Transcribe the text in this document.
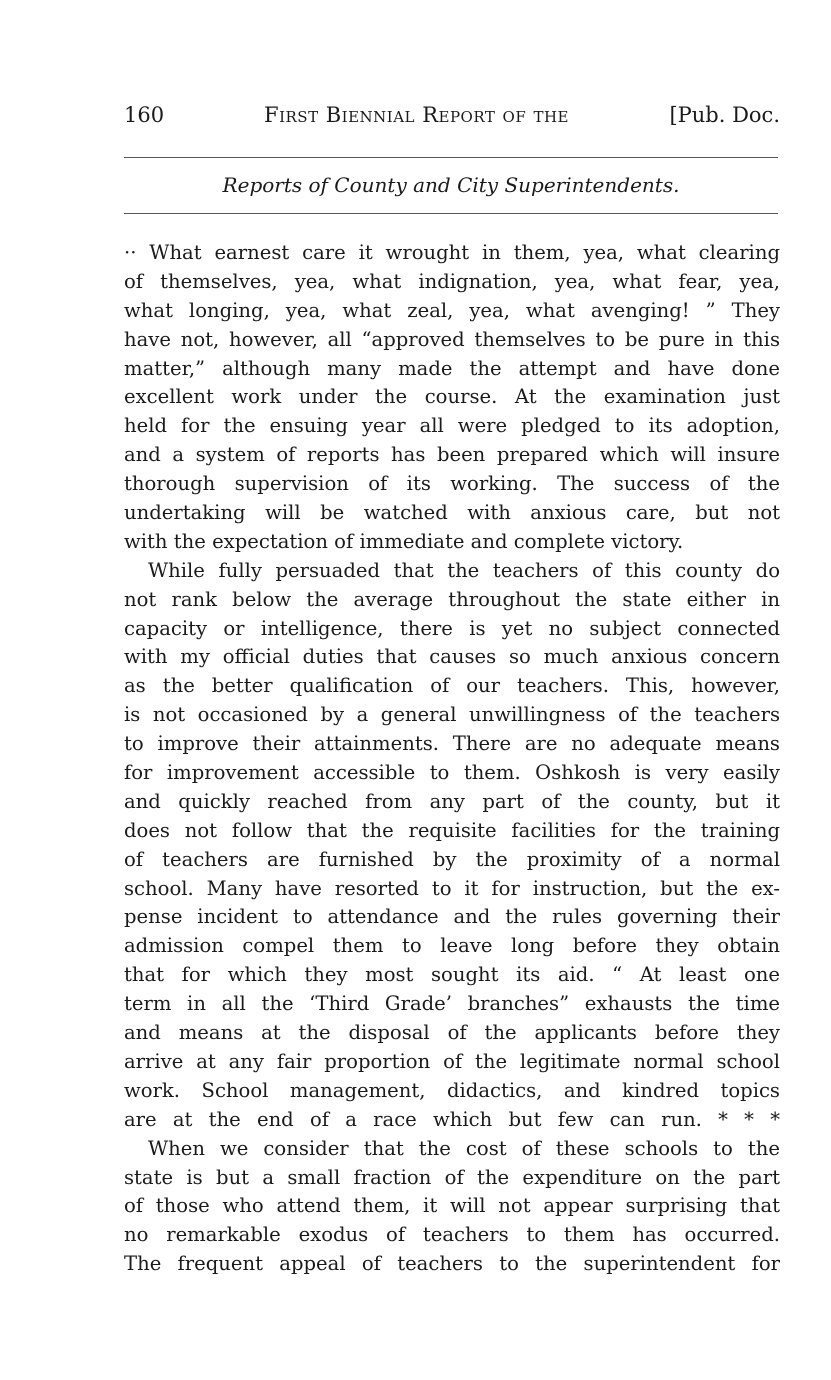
160	First Biennial Report of the	[Pub. Doc.
Reports of County and City Superintendents.
·· What earnest care it wrought in them, yea, what clearing
of themselves, yea, what indignation, yea, what fear, yea,
what longing, yea, what zeal, yea, what avenging! ” They
have not, however, all “approved themselves to be pure in this
matter,” although many made the attempt and have done
excellent work under the course. At the examination just
held for the ensuing year all were pledged to its adoption,
and a system of reports has been prepared which will insure
thorough supervision of its working. The success of the
undertaking will be watched with anxious care, but not
with the expectation of immediate and complete victory.
While fully persuaded that the teachers of this county do
not rank below the average throughout the state either in
capacity or intelligence, there is yet no subject connected
with my official duties that causes so much anxious concern
as the better qualification of our teachers. This, however,
is not occasioned by a general unwillingness of the teachers
to improve their attainments. There are no adequate means
for improvement accessible to them. Oshkosh is very easily
and quickly reached from any part of the county, but it
does not follow that the requisite facilities for the training
of teachers are furnished by the proximity of a normal
school. Many have resorted to it for instruction, but the ex-
pense incident to attendance and the rules governing their
admission compel them to leave long before they obtain
that for which they most sought its aid. “ At least one
term in all the ‘Third Grade’ branches” exhausts the time
and means at the disposal of the applicants before they
arrive at any fair proportion of the legitimate normal school
work. School management, didactics, and kindred topics
are at the end of a race which but few can run. * * *
When we consider that the cost of these schools to the
state is but a small fraction of the expenditure on the part
of those who attend them, it will not appear surprising that
no remarkable exodus of teachers to them has occurred.
The frequent appeal of teachers to the superintendent for
